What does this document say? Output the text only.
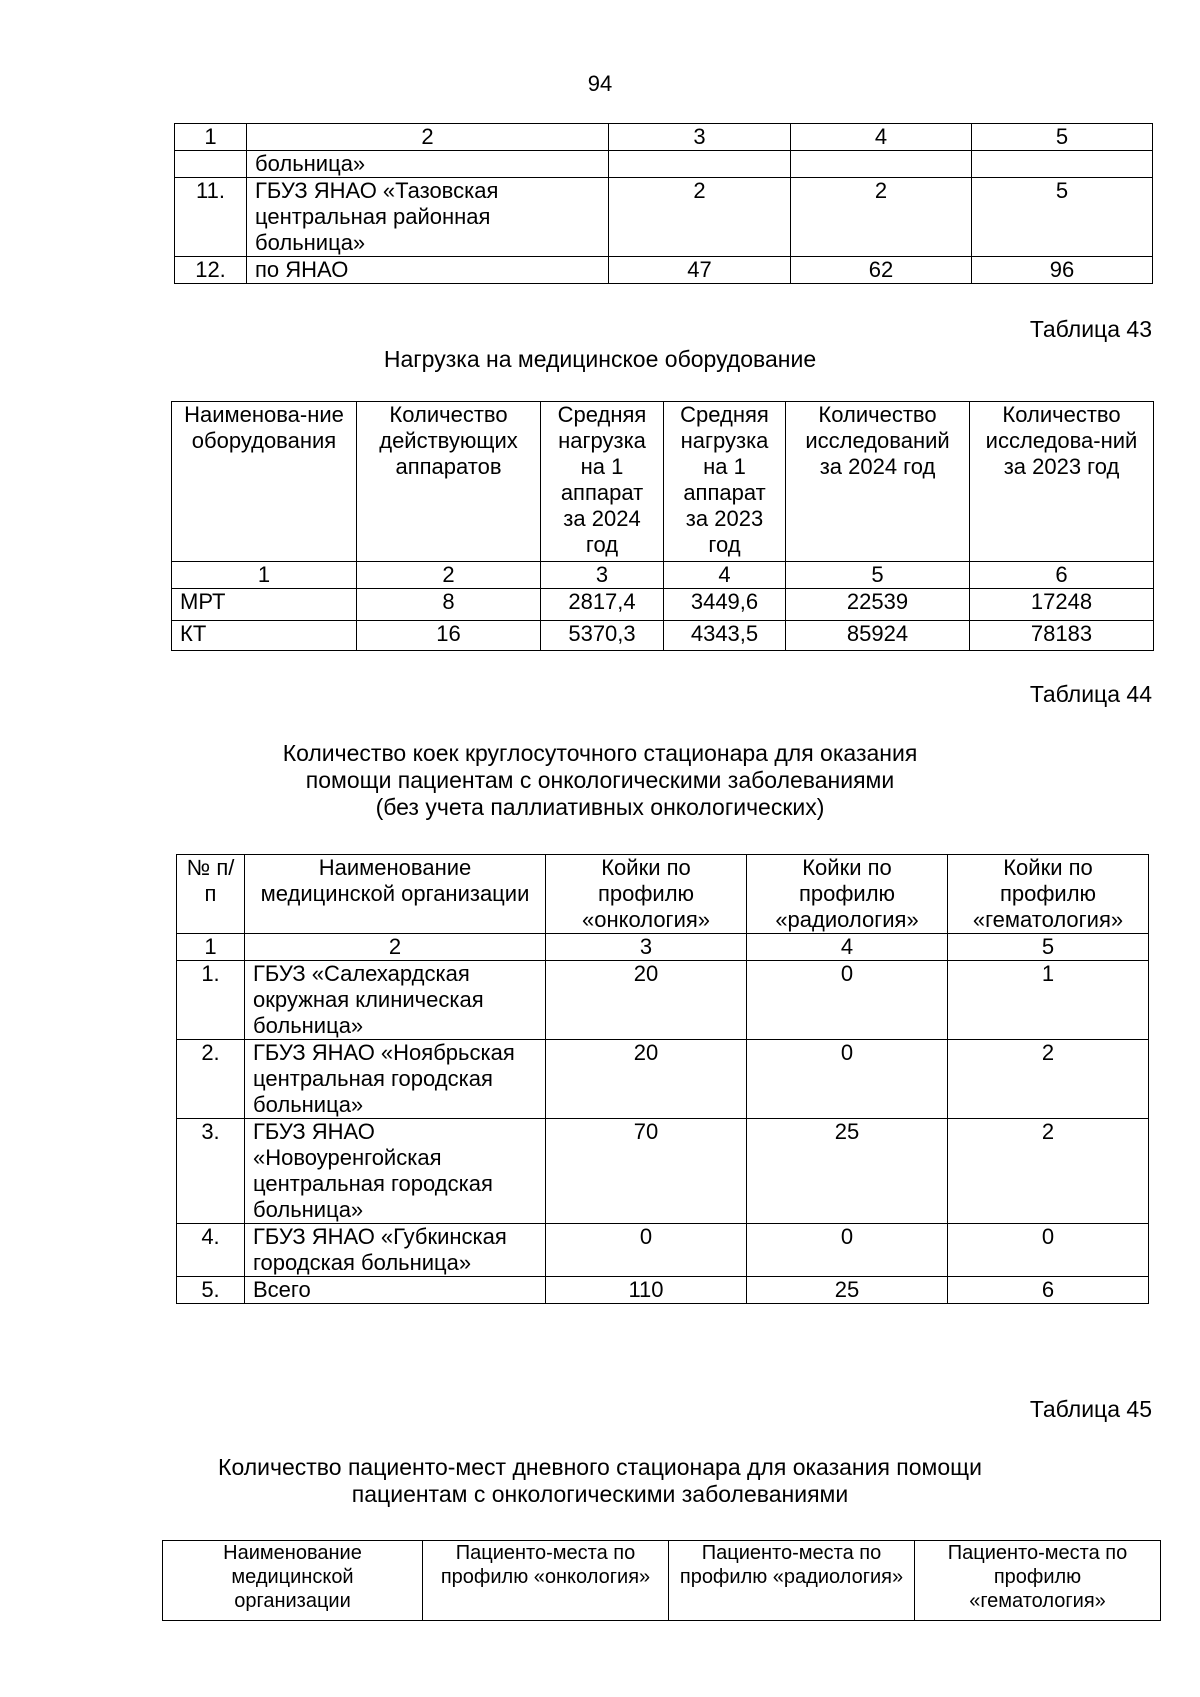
94
1	2	3	4	5
	больница»			
11.	ГБУЗ ЯНАО «Тазовская центральная районная больница»	2	2	5
12.	по ЯНАО	47	62	96
Таблица 43
Нагрузка на медицинское оборудование
Наименова-ние оборудования	Количество действующих аппаратов	Средняя нагрузка на 1 аппарат за 2024 год	Средняя нагрузка на 1 аппарат за 2023 год	Количество исследований за 2024 год	Количество исследова-ний за 2023 год
1	2	3	4	5	6
МРТ	8	2817,4	3449,6	22539	17248
КТ	16	5370,3	4343,5	85924	78183
Таблица 44
Количество коек круглосуточного стационара для оказания
помощи пациентам с онкологическими заболеваниями
(без учета паллиативных онкологических)
№ п/п	Наименование медицинской организации	Койки по профилю «онкология»	Койки по профилю «радиология»	Койки по профилю «гематология»
1	2	3	4	5
1.	ГБУЗ «Салехардская окружная клиническая больница»	20	0	1
2.	ГБУЗ ЯНАО «Ноябрьская центральная городская больница»	20	0	2
3.	ГБУЗ ЯНАО «Новоуренгойская центральная городская больница»	70	25	2
4.	ГБУЗ ЯНАО «Губкинская городская больница»	0	0	0
5.	Всего	110	25	6
Таблица 45
Количество пациенто-мест дневного стационара для оказания помощи
пациентам с онкологическими заболеваниями
Наименование медицинской организации	Пациенто-места по профилю «онкология»	Пациенто-места по профилю «радиология»	Пациенто-места по профилю «гематология»
